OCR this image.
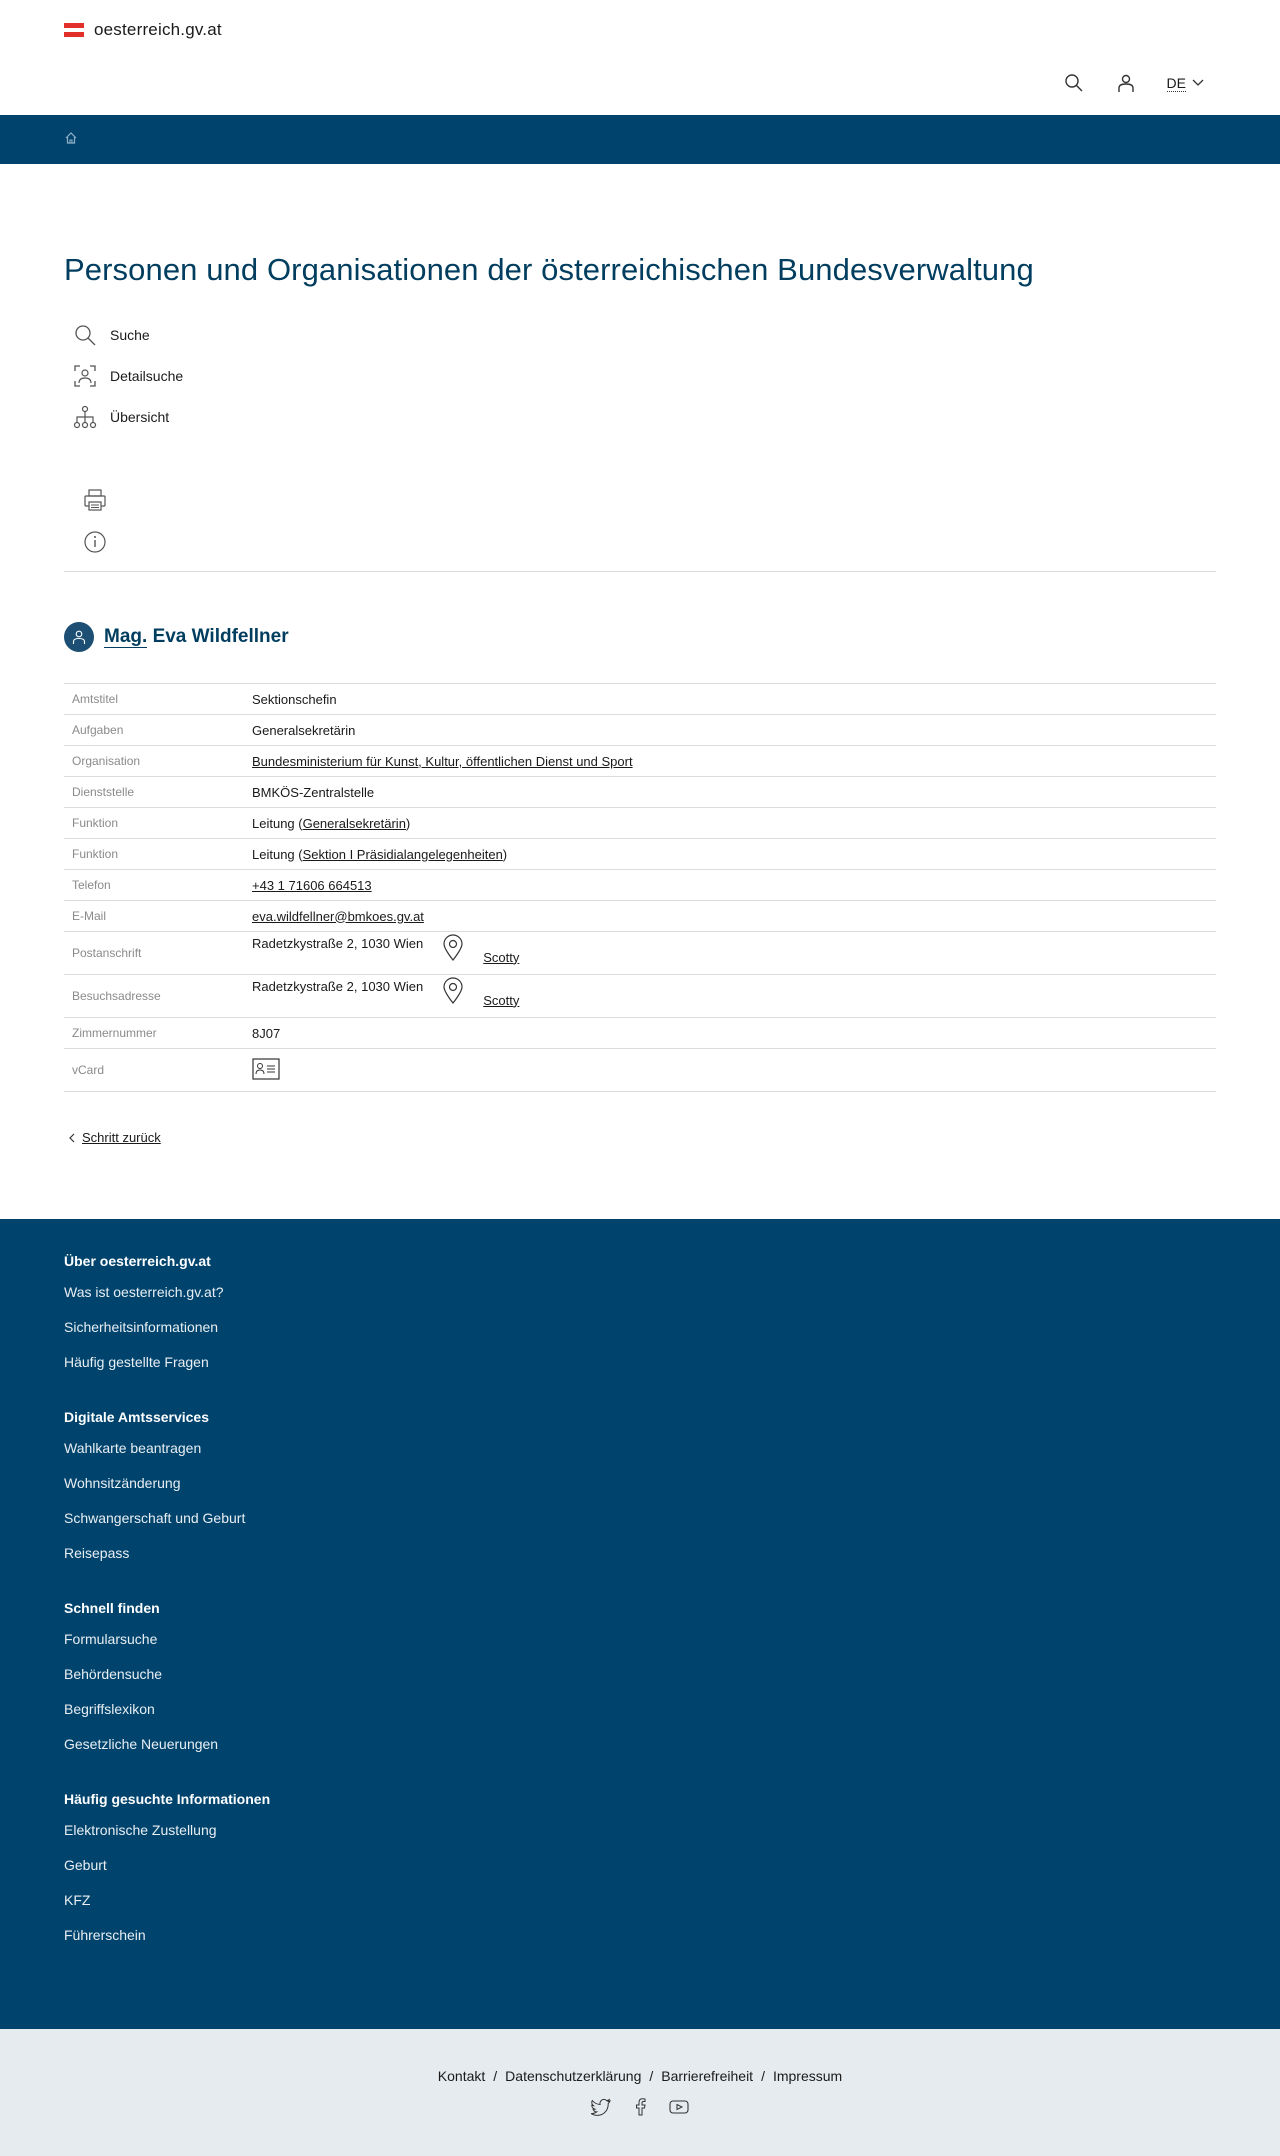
oesterreich.gv.at
DE
Personen und Organisationen der österreichischen Bundesverwaltung
Suche
Detailsuche
Übersicht
Mag. Eva Wildfellner
Amtstitel	Sektionschefin
Aufgaben	Generalsekretärin
Organisation	Bundesministerium für Kunst, Kultur, öffentlichen Dienst und Sport
Dienststelle	BMKÖS-Zentralstelle
Funktion	Leitung (Generalsekretärin)
Funktion	Leitung (Sektion I Präsidialangelegenheiten)
Telefon	+43 1 71606 664513
E-Mail	eva.wildfellner@bmkoes.gv.at
Postanschrift	Radetzkystraße 2, 1030 Wien
Scotty

Besuchsadresse	Radetzkystraße 2, 1030 Wien
Scotty

Zimmernummer	8J07
vCard	
Schritt zurück
Über oesterreich.gv.at
Was ist oesterreich.gv.at?
Sicherheitsinformationen
Häufig gestellte Fragen
Digitale Amtsservices
Wahlkarte beantragen
Wohnsitzänderung
Schwangerschaft und Geburt
Reisepass
Schnell finden
Formularsuche
Behördensuche
Begriffslexikon
Gesetzliche Neuerungen
Häufig gesuchte Informationen
Elektronische Zustellung
Geburt
KFZ
Führerschein
Kontakt / Datenschutzerklärung / Barrierefreiheit / Impressum
